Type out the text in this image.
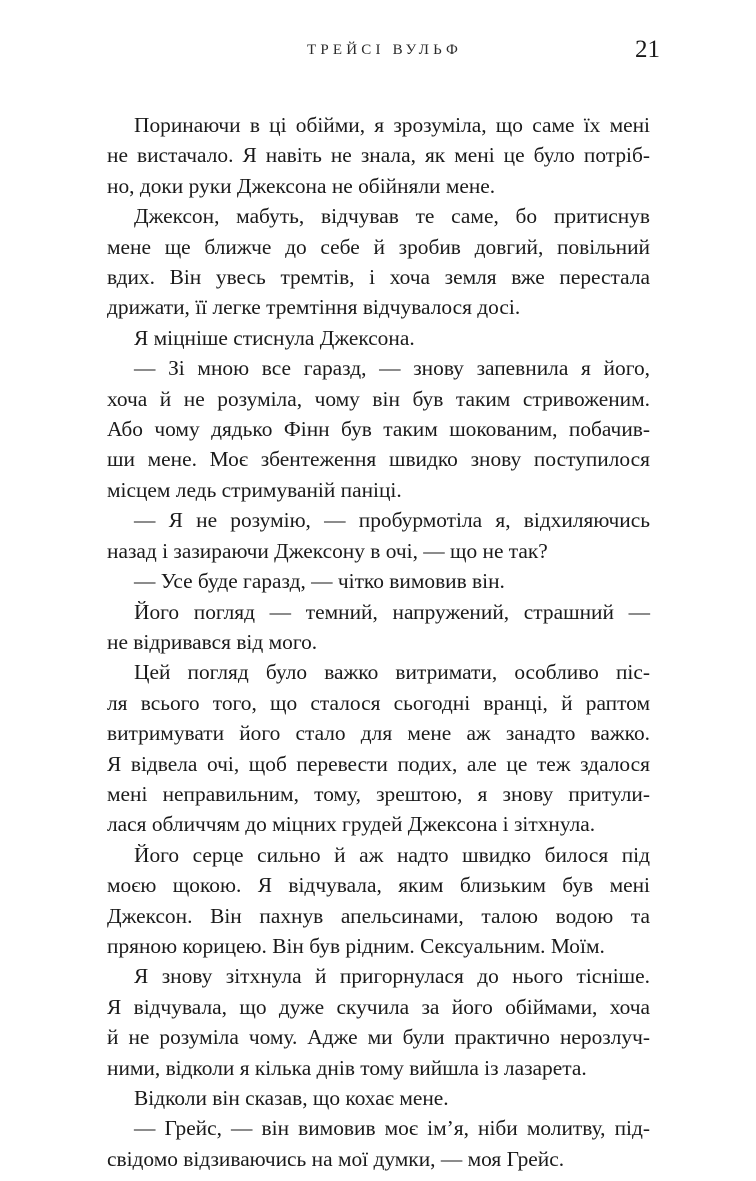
ТРЕЙСІ ВУЛЬФ	21
Поринаючи в ці обійми, я зрозуміла, що саме їх мені
не вистачало. Я навіть не знала, як мені це було потріб-
но, доки руки Джексона не обійняли мене.
Джексон, мабуть, відчував те саме, бо притиснув
мене ще ближче до себе й зробив довгий, повільний
вдих. Він увесь тремтів, і хоча земля вже перестала
дрижати, її легке тремтіння відчувалося досі.
Я міцніше стиснула Джексона.
— Зі мною все гаразд, — знову запевнила я його,
хоча й не розуміла, чому він був таким стривоженим.
Або чому дядько Фінн був таким шокованим, побачив-
ши мене. Моє збентеження швидко знову поступилося
місцем ледь стримуваній паніці.
— Я не розумію, — пробурмотіла я, відхиляючись
назад і зазираючи Джексону в очі, — що не так?
— Усе буде гаразд, — чітко вимовив він.
Його погляд — темний, напружений, страшний —
не відривався від мого.
Цей погляд було важко витримати, особливо піс-
ля всього того, що сталося сьогодні вранці, й раптом
витримувати його стало для мене аж занадто важко.
Я відвела очі, щоб перевести подих, але це теж здалося
мені неправильним, тому, зрештою, я знову притули-
лася обличчям до міцних грудей Джексона і зітхнула.
Його серце сильно й аж надто швидко билося під
моєю щокою. Я відчувала, яким близьким був мені
Джексон. Він пахнув апельсинами, талою водою та
пряною корицею. Він був рідним. Сексуальним. Моїм.
Я знову зітхнула й пригорнулася до нього тісніше.
Я відчувала, що дуже скучила за його обіймами, хоча
й не розуміла чому. Адже ми були практично нерозлуч-
ними, відколи я кілька днів тому вийшла із лазарета.
Відколи він сказав, що кохає мене.
— Грейс, — він вимовив моє ім’я, ніби молитву, під-
свідомо відзиваючись на мої думки, — моя Грейс.
